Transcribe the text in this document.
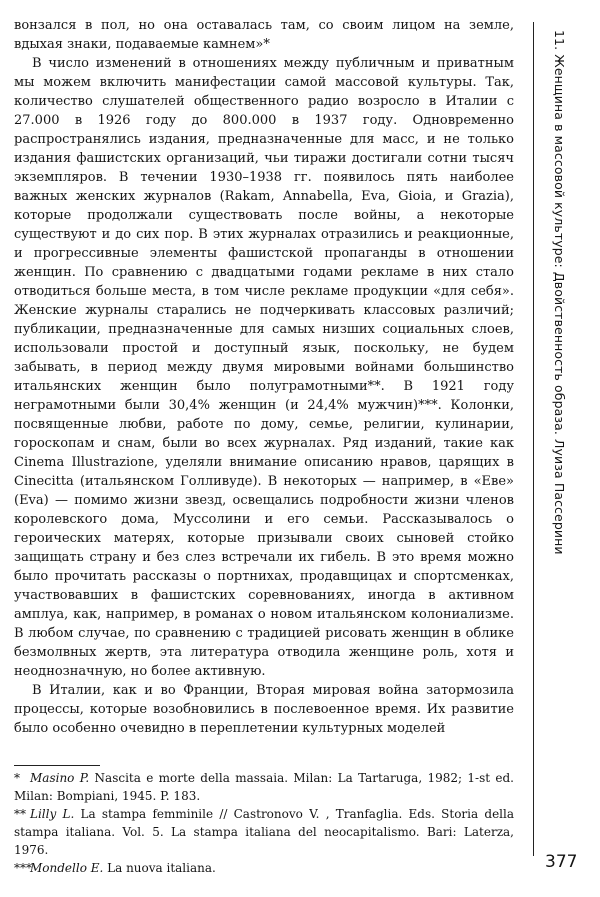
вонзался в пол, но она оставалась там, со своим лицом на земле, вдыхая знаки, подаваемые камнем»*

В число изменений в отношениях между публичным и приватным мы можем включить манифестации самой массовой культуры. Так, количество слушателей общественного радио возросло в Италии с 27.000 в 1926 году до 800.000 в 1937 году. Одновременно распространялись издания, предназначенные для масс, и не только издания фашистских организаций, чьи тиражи достигали сотни тысяч экземпляров. В течении 1930–1938 гг. появилось пять наиболее важных женских журналов (Rakam, Annabella, Eva, Gioia, и Grazia), которые продолжали существовать после войны, а некоторые существуют и до сих пор. В этих журналах отразились и реакционные, и прогрессивные элементы фашистской пропаганды в отношении женщин. По сравнению с двадцатыми годами рекламе в них стало отводиться больше места, в том числе рекламе продукции «для себя». Женские журналы старались не подчеркивать классовых различий; публикации, предназначенные для самых низших социальных слоев, использовали простой и доступный язык, поскольку, не будем забывать, в период между двумя мировыми войнами большинство итальянских женщин было полуграмотными**. В 1921 году неграмотными были 30,4% женщин (и 24,4% мужчин)***. Колонки, посвященные любви, работе по дому, семье, религии, кулинарии, гороскопам и снам, были во всех журналах. Ряд изданий, такие как Cinema Illustrazione, уделяли внимание описанию нравов, царящих в Cinecitta (итальянском Голливуде). В некоторых — например, в «Еве» (Eva) — помимо жизни звезд, освещались подробности жизни членов королевского дома, Муссолини и его семьи. Рассказывалось о героических матерях, которые призывали своих сыновей стойко защищать страну и без слез встречали их гибель. В это время можно было прочитать рассказы о портнихах, продавщицах и спортсменках, участвовавших в фашистских соревнованиях, иногда в активном амплуа, как, например, в романах о новом итальянском колониализме. В любом случае, по сравнению с традицией рисовать женщин в облике безмолвных жертв, эта литература отводила женщине роль, хотя и неоднозначную, но более активную.

В Италии, как и во Франции, Вторая мировая война затормозила процессы, которые возобновились в послевоенное время. Их развитие было особенно очевидно в переплетении культурных моделей

* Masino P. Nascita e morte della massaia. Milan: La Tartaruga, 1982; 1-st ed. Milan: Bompiani, 1945. P. 183.

** Lilly L. La stampa femminile // Castronovo V. , Tranfaglia. Eds. Storia della stampa italiana. Vol. 5. La stampa italiana del neocapitalismo. Bari: Laterza, 1976.

***Mondello E. La nuova italiana.

11. Женщина в массовой культуре: Двойственность образа. Луиза Пассерини
377
